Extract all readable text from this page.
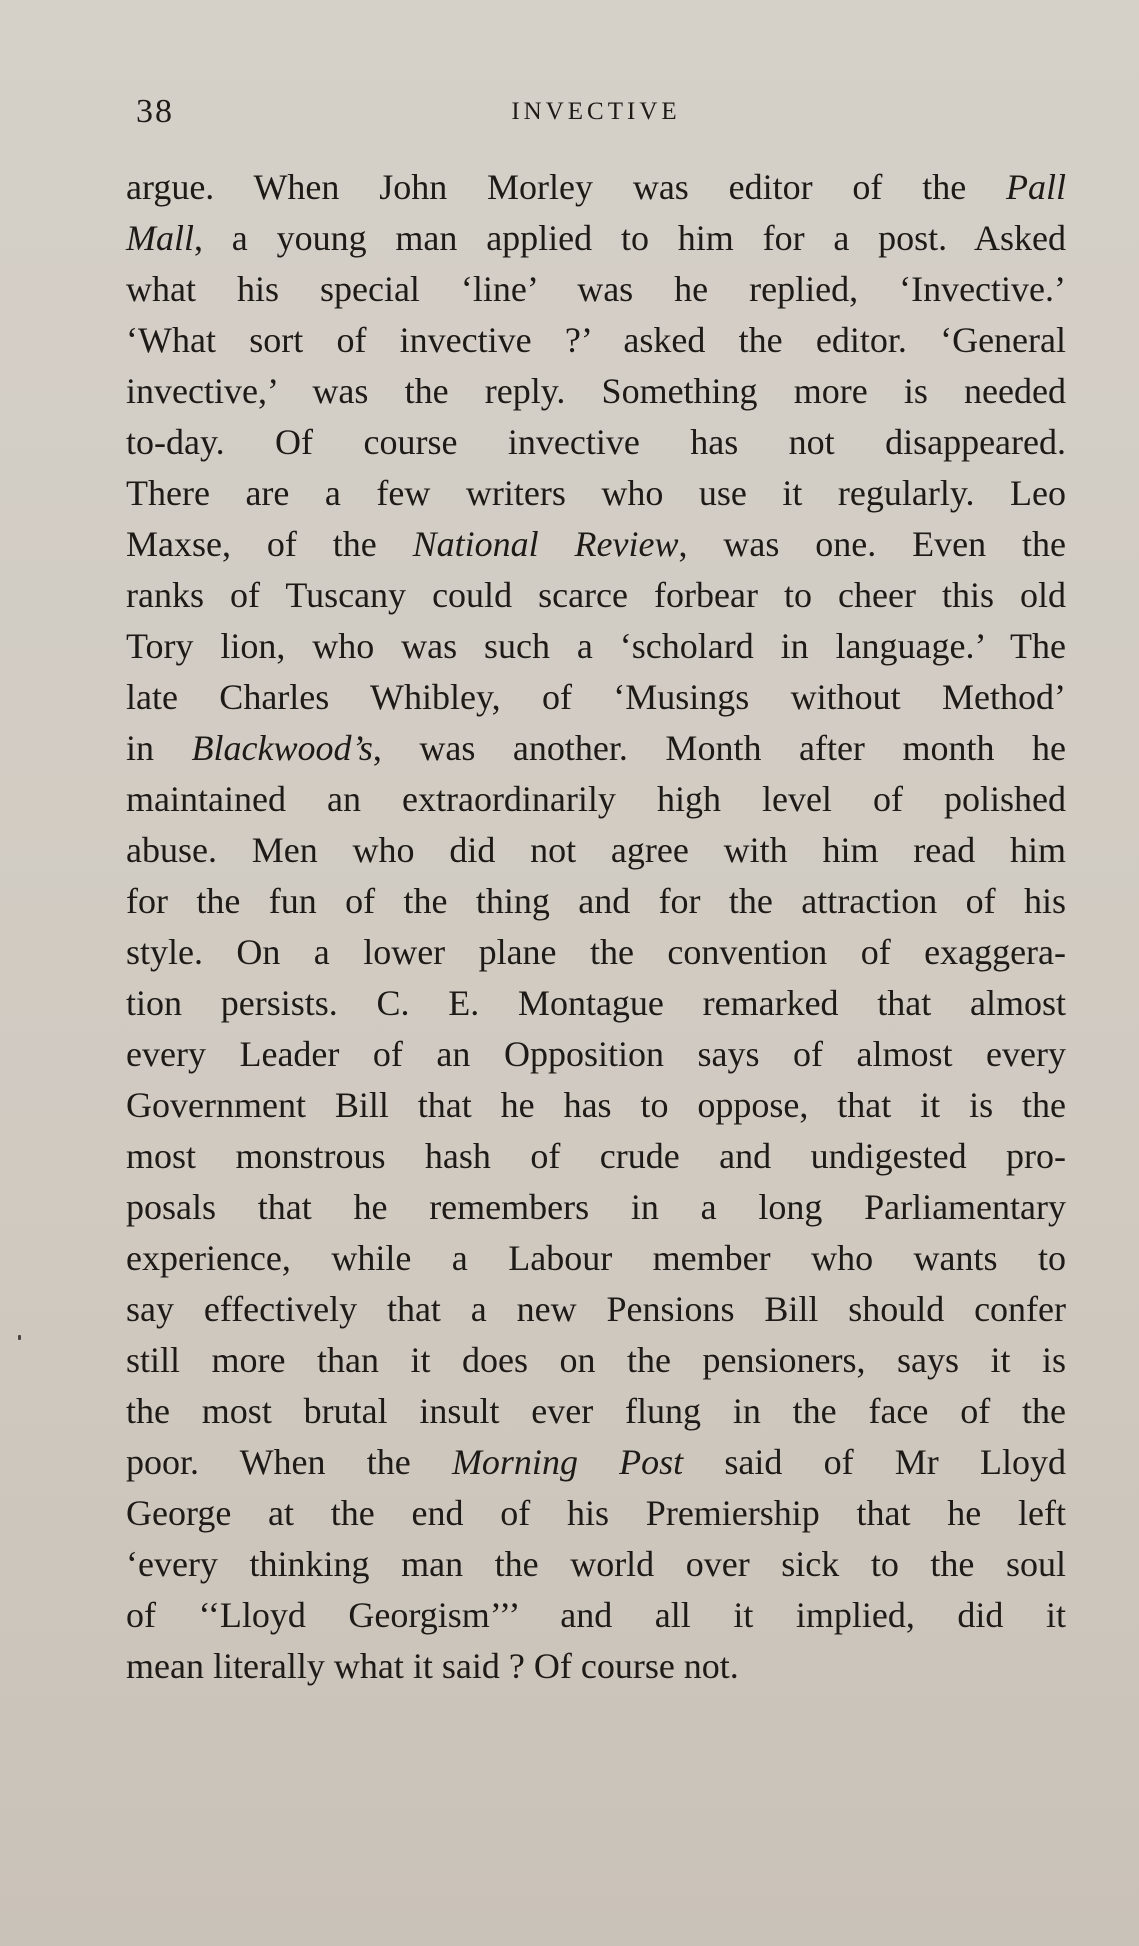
38	INVECTIVE
argue. When John Morley was editor of the Pall
Mall, a young man applied to him for a post. Asked
what his special ‘line’ was he replied, ‘Invective.’
‘What sort of invective ?’ asked the editor. ‘General
invective,’ was the reply. Something more is needed
to-day. Of course invective has not disappeared.
There are a few writers who use it regularly. Leo
Maxse, of the National Review, was one. Even the
ranks of Tuscany could scarce forbear to cheer this old
Tory lion, who was such a ‘scholard in language.’ The
late Charles Whibley, of ‘Musings without Method’
in Blackwood’s, was another. Month after month he
maintained an extraordinarily high level of polished
abuse. Men who did not agree with him read him
for the fun of the thing and for the attraction of his
style. On a lower plane the convention of exaggera-
tion persists. C. E. Montague remarked that almost
every Leader of an Opposition says of almost every
Government Bill that he has to oppose, that it is the
most monstrous hash of crude and undigested pro-
posals that he remembers in a long Parliamentary
experience, while a Labour member who wants to
say effectively that a new Pensions Bill should confer
still more than it does on the pensioners, says it is
the most brutal insult ever flung in the face of the
poor. When the Morning Post said of Mr Lloyd
George at the end of his Premiership that he left
‘every thinking man the world over sick to the soul
of ‘‘Lloyd Georgism’’’ and all it implied, did it
mean literally what it said ? Of course not.
